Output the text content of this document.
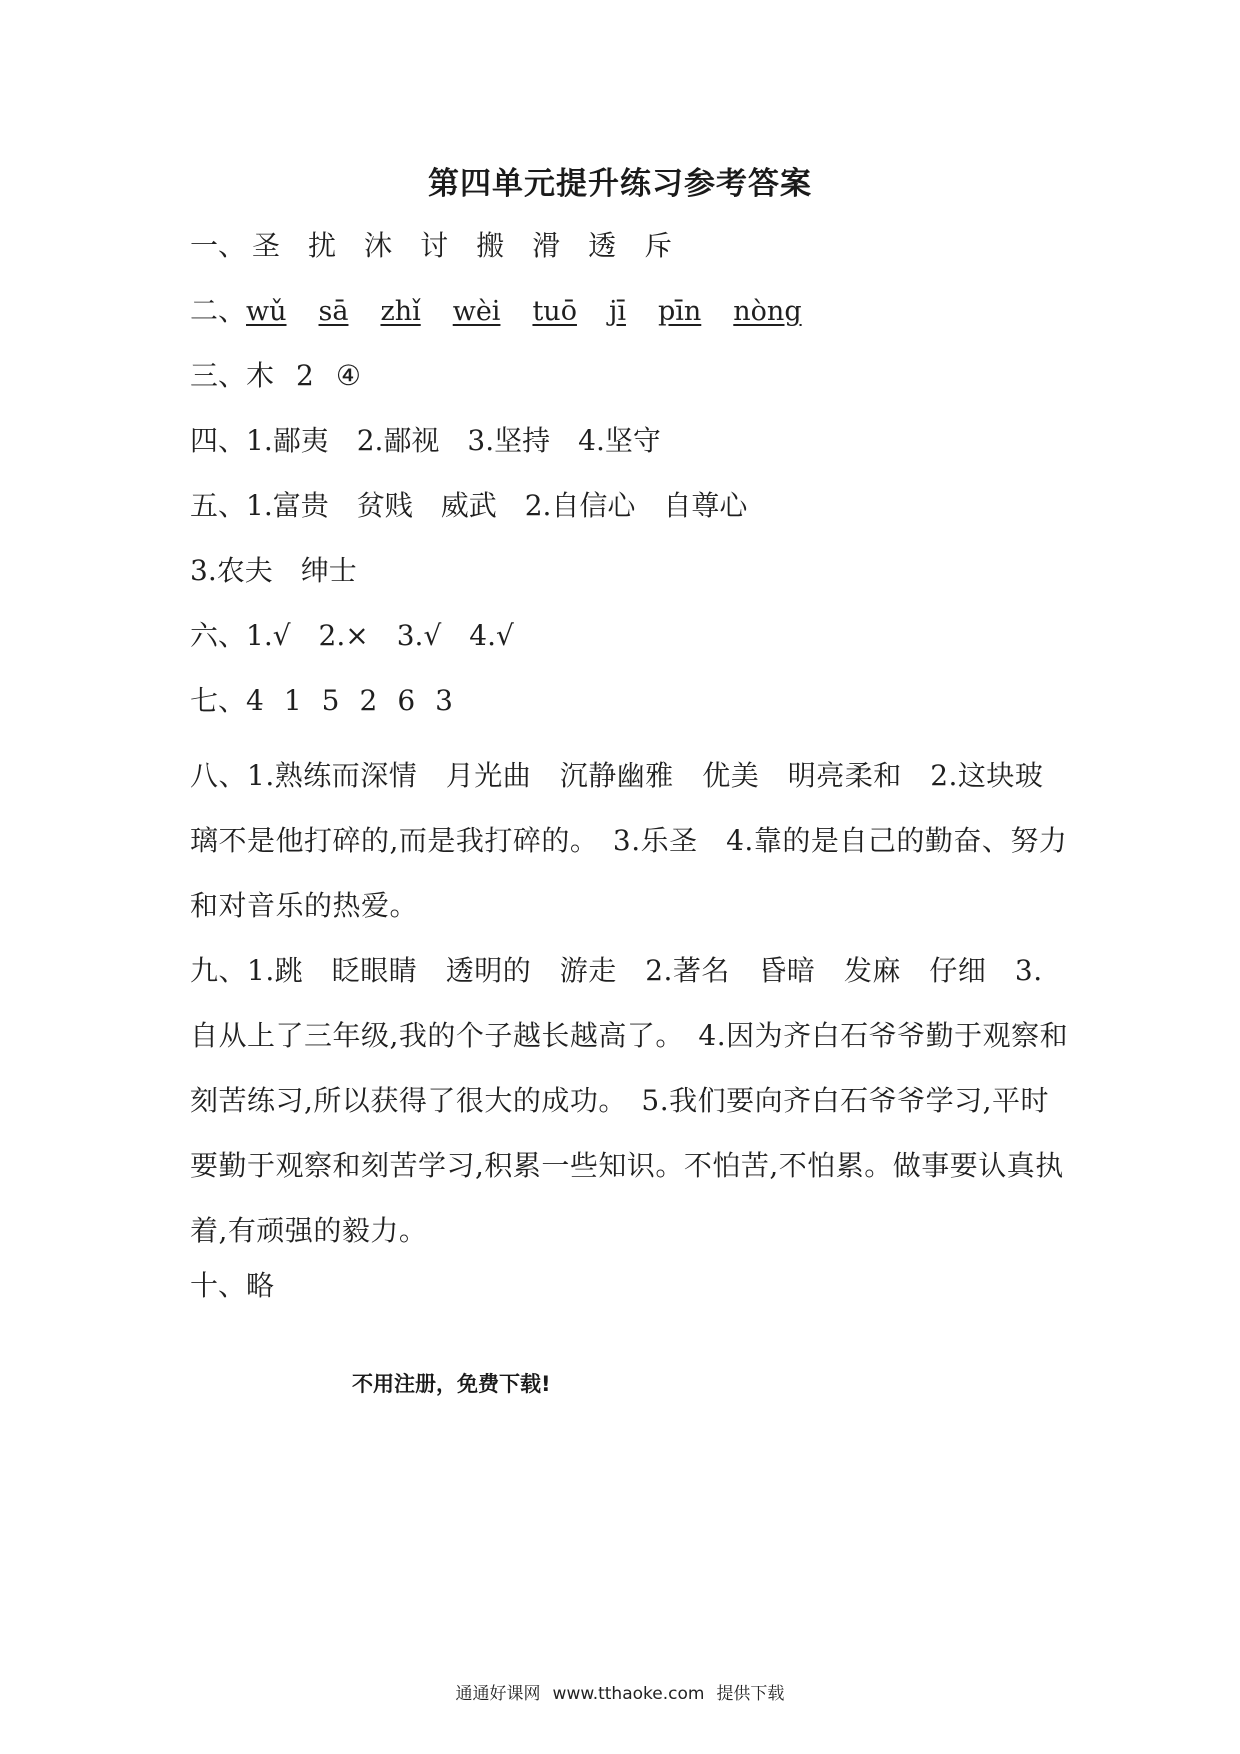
第四单元提升练习参考答案
一、 圣 扰 沐 讨 搬 滑 透 斥
二、wǔ sā zhǐ wèi tuō jī pīn nòng
三、木 2 ④
四、1.鄙夷　2.鄙视　3.坚持　4.坚守
五、1.富贵　贫贱　威武　2.自信心　自尊心
3.农夫　绅士
六、1.√　2.×　3.√　4.√
七、4 1 5 2 6 3
八、1.熟练而深情　月光曲　沉静幽雅　优美　明亮柔和　2.这块玻璃不是他打碎的,而是我打碎的。　3.乐圣　4.靠的是自己的勤奋、努力和对音乐的热爱。
九、1.跳　眨眼睛　透明的　游走　2.著名　昏暗　发麻　仔细　3.自从上了三年级,我的个子越长越高了。　4.因为齐白石爷爷勤于观察和刻苦练习,所以获得了很大的成功。　5.我们要向齐白石爷爷学习,平时要勤于观察和刻苦学习,积累一些知识。不怕苦,不怕累。做事要认真执着,有顽强的毅力。
十、略
不用注册，免费下载!
通通好课网 www.tthaoke.com 提供下载
